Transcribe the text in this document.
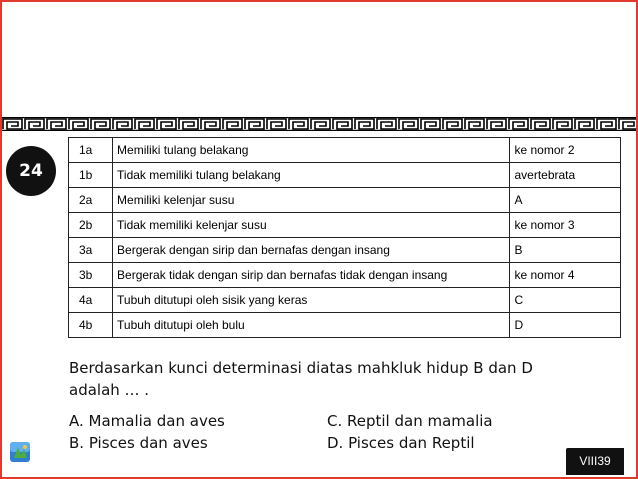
24
1a	Memiliki tulang belakang	ke nomor 2
1b	Tidak memiliki tulang belakang	avertebrata
2a	Memiliki kelenjar susu	A
2b	Tidak memiliki kelenjar susu	ke nomor 3
3a	Bergerak dengan sirip dan bernafas dengan insang	B
3b	Bergerak tidak dengan sirip dan bernafas tidak dengan insang	ke nomor 4
4a	Tubuh ditutupi oleh sisik yang keras	C
4b	Tubuh ditutupi oleh bulu	D
Berdasarkan kunci determinasi diatas mahkluk hidup B dan D
adalah … .
A. Mamalia dan aves	C. Reptil dan mamalia
B. Pisces dan aves	D. Pisces dan Reptil
VIII39
